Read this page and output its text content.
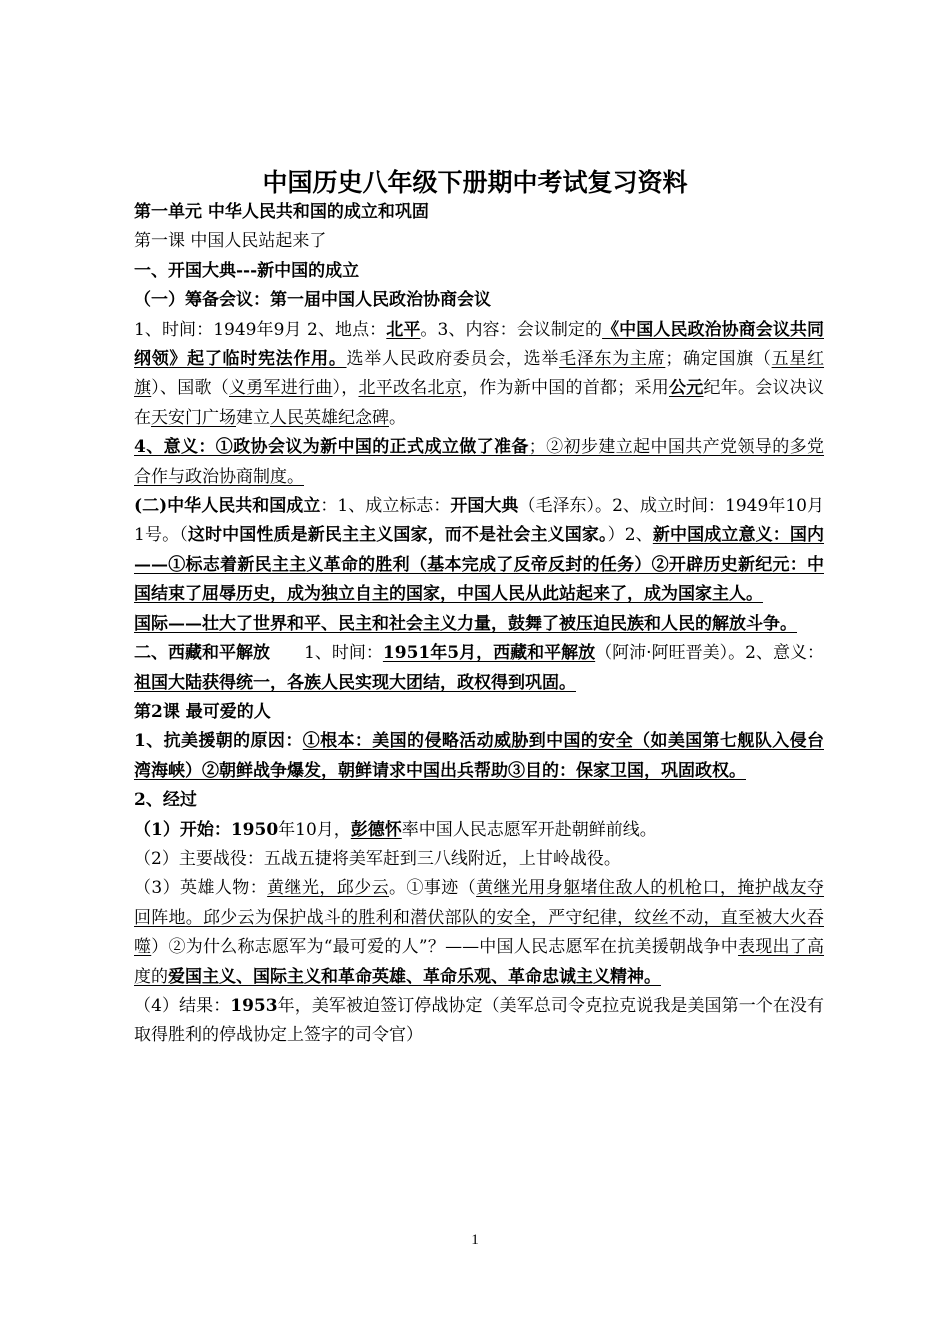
中国历史八年级下册期中考试复习资料

第一单元 中华人民共和国的成立和巩固

第一课 中国人民站起来了

一、开国大典---新中国的成立

（一）筹备会议：第一届中国人民政治协商会议

1、时间：1949年9月 2、地点：北平。3、内容：会议制定的《中国人民政治协商会议共同纲领》起了临时宪法作用。选举人民政府委员会，选举毛泽东为主席；确定国旗（五星红旗）、国歌（义勇军进行曲），北平改名北京，作为新中国的首都；采用公元纪年。会议决议在天安门广场建立人民英雄纪念碑。

4、意义：①政协会议为新中国的正式成立做了准备；②初步建立起中国共产党领导的多党合作与政治协商制度。

(二)中华人民共和国成立：1、成立标志：开国大典（毛泽东）。2、成立时间：1949年10月1号。（这时中国性质是新民主主义国家，而不是社会主义国家。）2、新中国成立意义：国内——①标志着新民主主义革命的胜利（基本完成了反帝反封的任务）②开辟历史新纪元：中国结束了屈辱历史，成为独立自主的国家，中国人民从此站起来了，成为国家主人。

国际——壮大了世界和平、民主和社会主义力量，鼓舞了被压迫民族和人民的解放斗争。

二、西藏和平解放 1、时间：1951年5月，西藏和平解放（阿沛·阿旺晋美）。2、意义：祖国大陆获得统一，各族人民实现大团结，政权得到巩固。

第2课 最可爱的人

1、抗美援朝的原因：①根本：美国的侵略活动威胁到中国的安全（如美国第七舰队入侵台湾海峡）②朝鲜战争爆发，朝鲜请求中国出兵帮助③目的：保家卫国，巩固政权。

2、经过

（1）开始：1950年10月，彭德怀率中国人民志愿军开赴朝鲜前线。

（2）主要战役：五战五捷将美军赶到三八线附近，上甘岭战役。

（3）英雄人物：黄继光，邱少云。①事迹（黄继光用身躯堵住敌人的机枪口，掩护战友夺回阵地。邱少云为保护战斗的胜利和潜伏部队的安全，严守纪律，纹丝不动，直至被大火吞噬）②为什么称志愿军为“最可爱的人”？——中国人民志愿军在抗美援朝战争中表现出了高度的爱国主义、国际主义和革命英雄、革命乐观、革命忠诚主义精神。

（4）结果：1953年，美军被迫签订停战协定（美军总司令克拉克说我是美国第一个在没有取得胜利的停战协定上签字的司令官）

1
